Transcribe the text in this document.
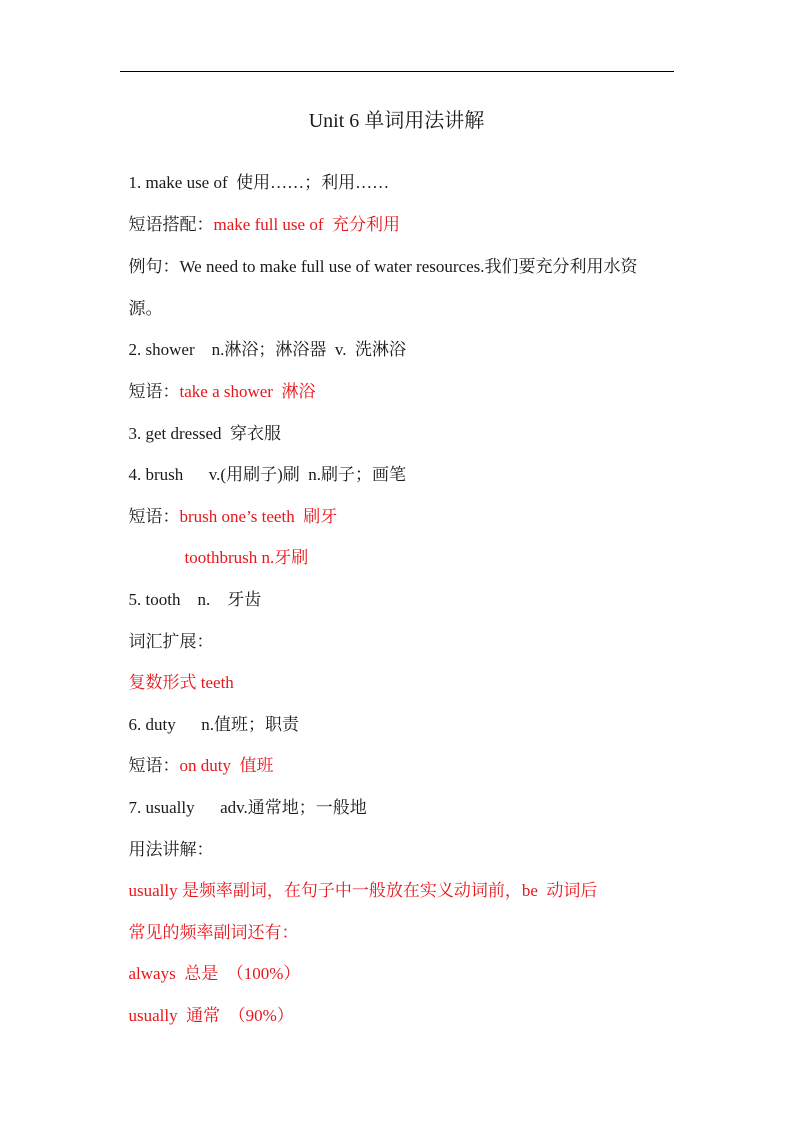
Unit 6 单词用法讲解

1. make use of  使用……；利用……

短语搭配：make full use of  充分利用

例句：We need to make full use of water resources.我们要充分利用水资

源。

2. shower    n.淋浴；淋浴器  v.  洗淋浴

短语：take a shower  淋浴

3. get dressed  穿衣服

4. brush      v.(用刷子)刷  n.刷子；画笔

短语：brush one’s teeth  刷牙

toothbrush n.牙刷

5. tooth    n.    牙齿

词汇扩展：

复数形式 teeth

6. duty      n.值班；职责

短语：on duty  值班

7. usually      adv.通常地；一般地

用法讲解：

usually 是频率副词，在句子中一般放在实义动词前，be  动词后

常见的频率副词还有：

always  总是  （100%）

usually  通常  （90%）
